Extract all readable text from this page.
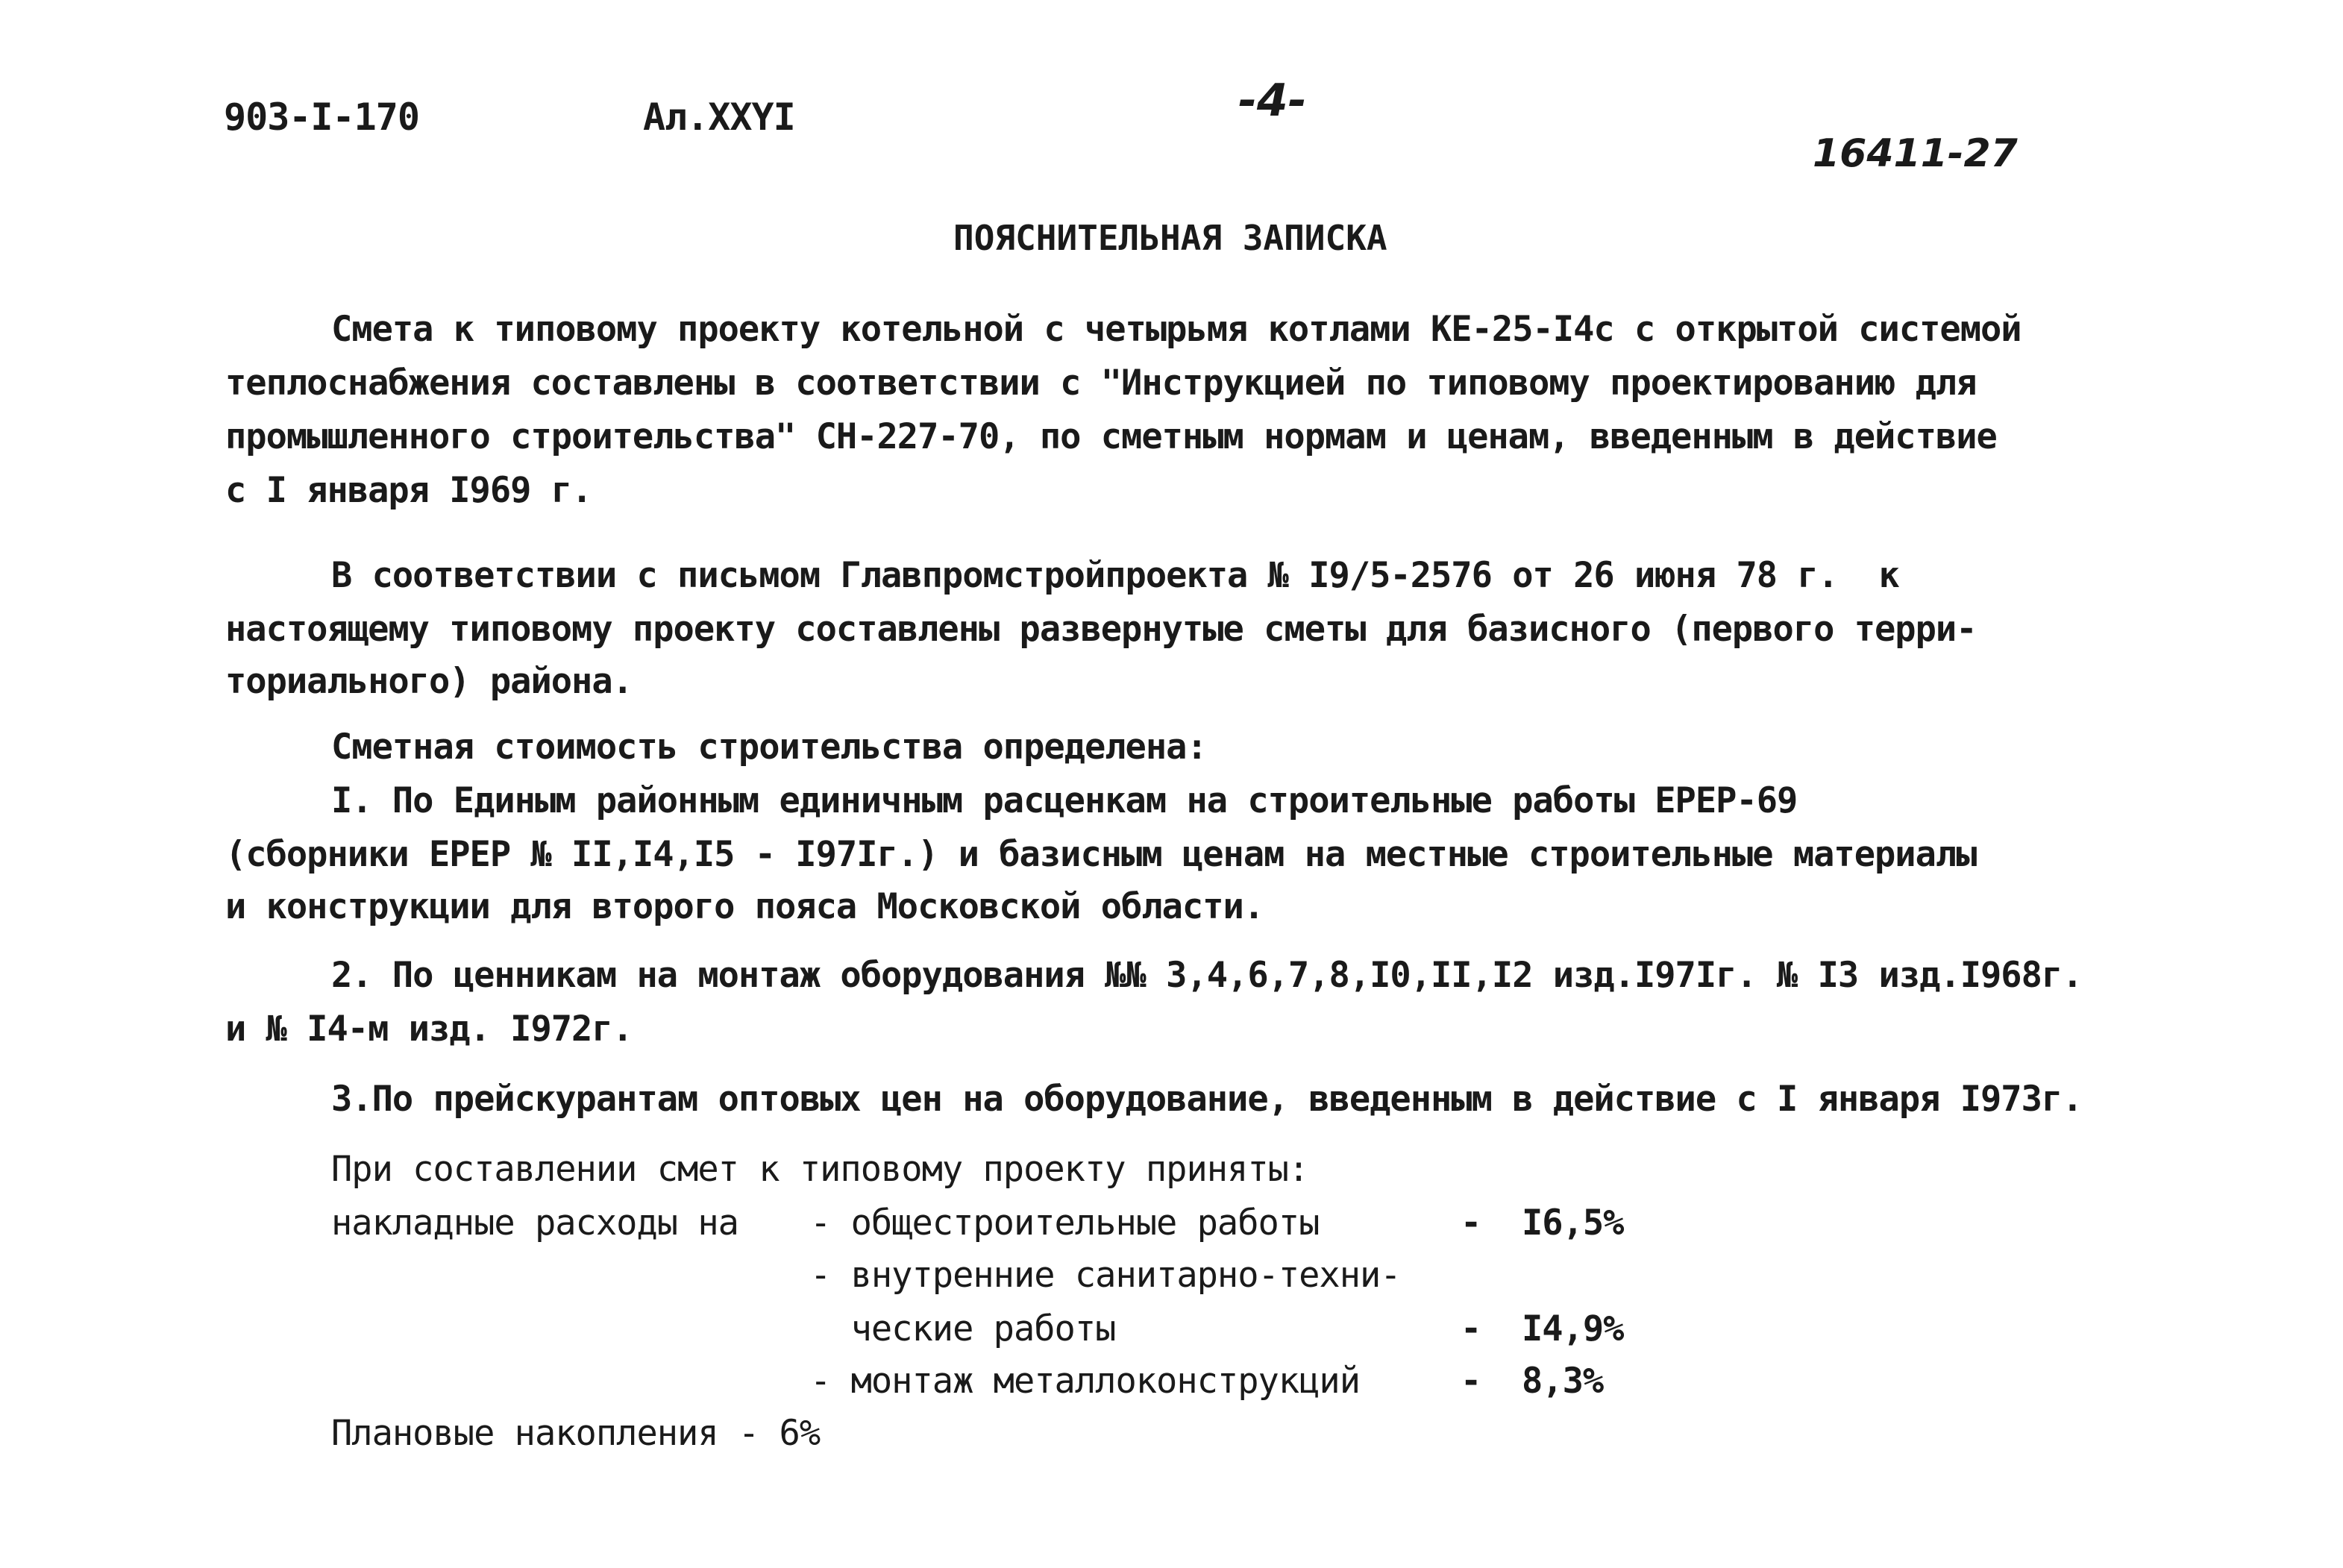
903-I-170	Ал.XXYI	-4-
16411-27
ПОЯСНИТЕЛЬНАЯ ЗАПИСКА
Смета к типовому проекту котельной с четырьмя котлами КЕ-25-I4с с открытой системой
теплоснабжения составлены в соответствии с "Инструкцией по типовому проектированию для
промышленного строительства" СН-227-70, по сметным нормам и ценам, введенным в действие
с I января I969 г.
В соответствии с письмом Главпромстройпроекта № I9/5-2576 от 26 июня 78 г.  к
настоящему типовому проекту составлены развернутые сметы для базисного (первого терри-
ториального) района.
Сметная стоимость строительства определена:
I. По Единым районным единичным расценкам на строительные работы ЕРЕР-69
(сборники ЕРЕР № II,I4,I5 - I97Iг.) и базисным ценам на местные строительные материалы
и конструкции для второго пояса Московской области.
2. По ценникам на монтаж оборудования №№ 3,4,6,7,8,I0,II,I2 изд.I97Iг. № I3 изд.I968г.
и № I4-м изд. I972г.
3.По прейскурантам оптовых цен на оборудование, введенным в действие с I января I973г.
При составлении смет к типовому проекту приняты:
накладные расходы на - общестроительные работы	- I6,5%
- внутренние санитарно-техни-
ческие работы	- I4,9%
- монтаж металлоконструкций	- 8,3%
Плановые накопления - 6%
